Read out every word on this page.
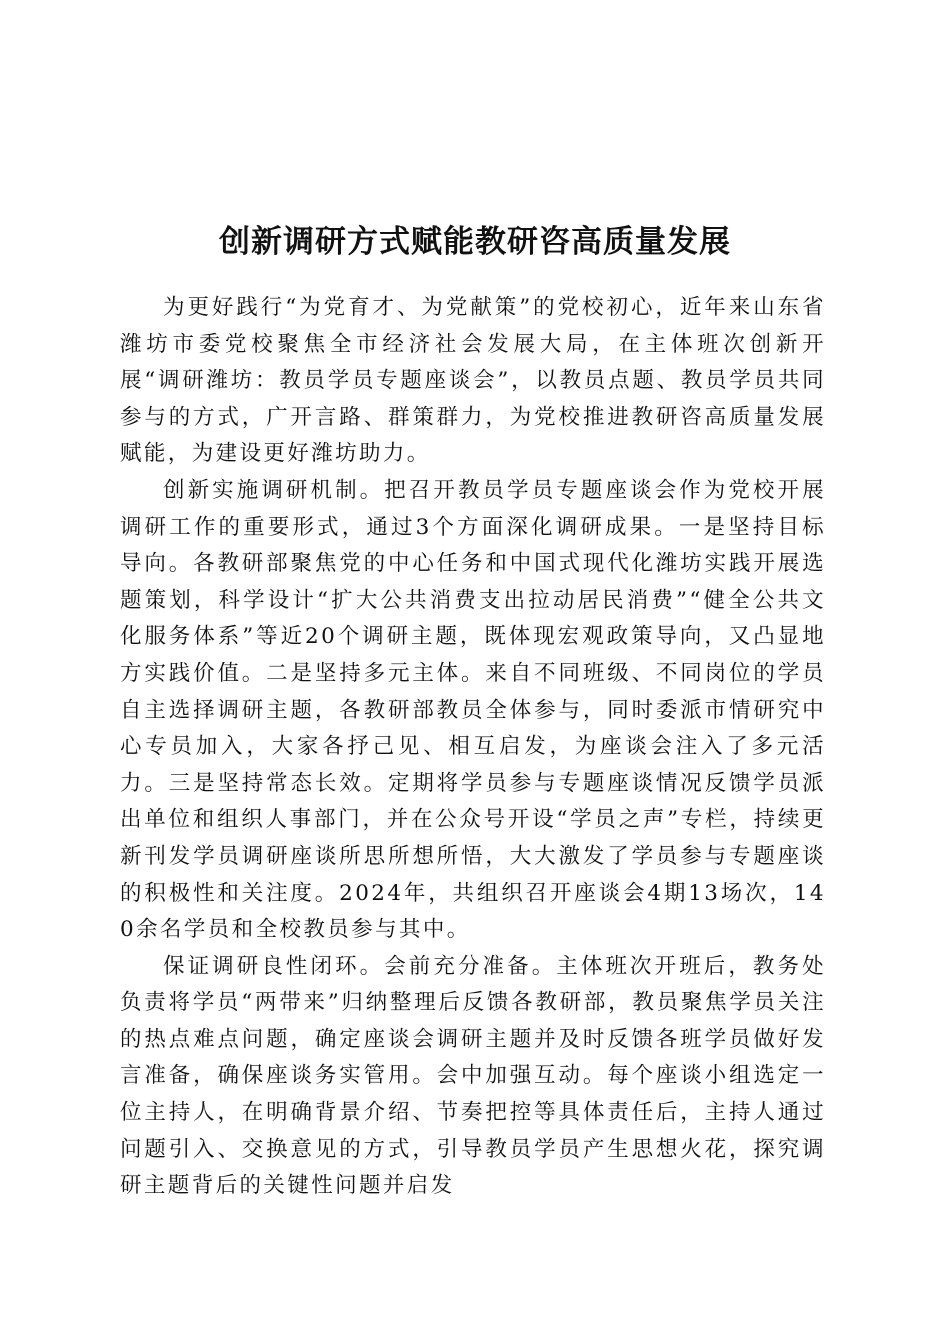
创新调研方式赋能教研咨高质量发展

为更好践行“为党育才、为党献策”的党校初心，近年来山东省潍坊市委党校聚焦全市经济社会发展大局，在主体班次创新开展“调研潍坊：教员学员专题座谈会”，以教员点题、教员学员共同参与的方式，广开言路、群策群力，为党校推进教研咨高质量发展赋能，为建设更好潍坊助力。

创新实施调研机制。把召开教员学员专题座谈会作为党校开展调研工作的重要形式，通过3个方面深化调研成果。一是坚持目标导向。各教研部聚焦党的中心任务和中国式现代化潍坊实践开展选题策划，科学设计“扩大公共消费支出拉动居民消费”“健全公共文化服务体系”等近20个调研主题，既体现宏观政策导向，又凸显地方实践价值。二是坚持多元主体。来自不同班级、不同岗位的学员自主选择调研主题，各教研部教员全体参与，同时委派市情研究中心专员加入，大家各抒己见、相互启发，为座谈会注入了多元活力。三是坚持常态长效。定期将学员参与专题座谈情况反馈学员派出单位和组织人事部门，并在公众号开设“学员之声”专栏，持续更新刊发学员调研座谈所思所想所悟，大大激发了学员参与专题座谈的积极性和关注度。2024年，共组织召开座谈会4期13场次，140余名学员和全校教员参与其中。

保证调研良性闭环。会前充分准备。主体班次开班后，教务处负责将学员“两带来”归纳整理后反馈各教研部，教员聚焦学员关注的热点难点问题，确定座谈会调研主题并及时反馈各班学员做好发言准备，确保座谈务实管用。会中加强互动。每个座谈小组选定一位主持人，在明确背景介绍、节奏把控等具体责任后，主持人通过问题引入、交换意见的方式，引导教员学员产生思想火花，探究调研主题背后的关键性问题并启发
